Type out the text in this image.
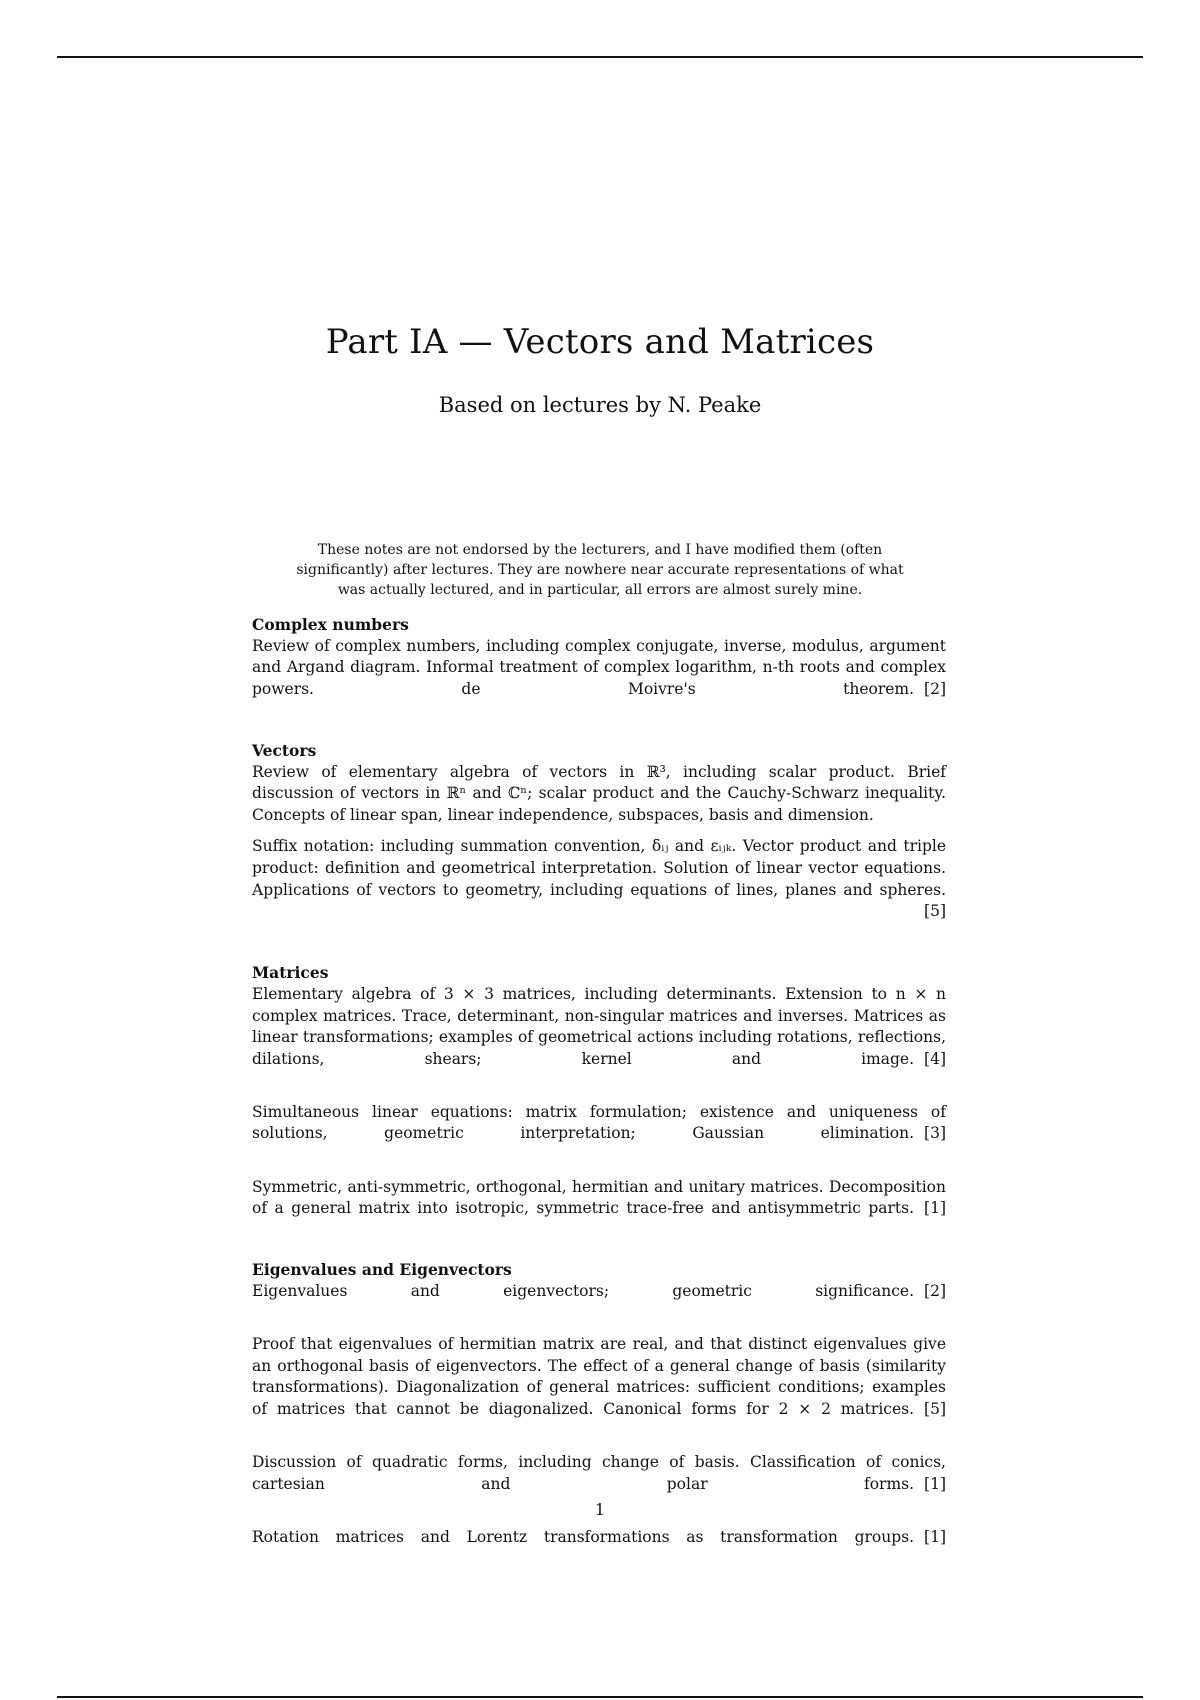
Part IA — Vectors and Matrices

Based on lectures by N. Peake

These notes are not endorsed by the lecturers, and I have modified them (often significantly) after lectures. They are nowhere near accurate representations of what was actually lectured, and in particular, all errors are almost surely mine.

Complex numbers

Review of complex numbers, including complex conjugate, inverse, modulus, argument and Argand diagram. Informal treatment of complex logarithm, n-th roots and complex powers. de Moivre's theorem. [2]

Vectors

Review of elementary algebra of vectors in ℝ³, including scalar product. Brief discussion of vectors in ℝⁿ and ℂⁿ; scalar product and the Cauchy-Schwarz inequality. Concepts of linear span, linear independence, subspaces, basis and dimension.

Suffix notation: including summation convention, δᵢⱼ and εᵢⱼₖ. Vector product and triple product: definition and geometrical interpretation. Solution of linear vector equations. Applications of vectors to geometry, including equations of lines, planes and spheres.
[5]

Matrices

Elementary algebra of 3 × 3 matrices, including determinants. Extension to n × n complex matrices. Trace, determinant, non-singular matrices and inverses. Matrices as linear transformations; examples of geometrical actions including rotations, reflections, dilations, shears; kernel and image. [4]

Simultaneous linear equations: matrix formulation; existence and uniqueness of solutions, geometric interpretation; Gaussian elimination. [3]

Symmetric, anti-symmetric, orthogonal, hermitian and unitary matrices. Decomposition of a general matrix into isotropic, symmetric trace-free and antisymmetric parts. [1]

Eigenvalues and Eigenvectors

Eigenvalues and eigenvectors; geometric significance. [2]

Proof that eigenvalues of hermitian matrix are real, and that distinct eigenvalues give an orthogonal basis of eigenvectors. The effect of a general change of basis (similarity transformations). Diagonalization of general matrices: sufficient conditions; examples of matrices that cannot be diagonalized. Canonical forms for 2 × 2 matrices. [5]

Discussion of quadratic forms, including change of basis. Classification of conics, cartesian and polar forms. [1]

Rotation matrices and Lorentz transformations as transformation groups. [1]

1
